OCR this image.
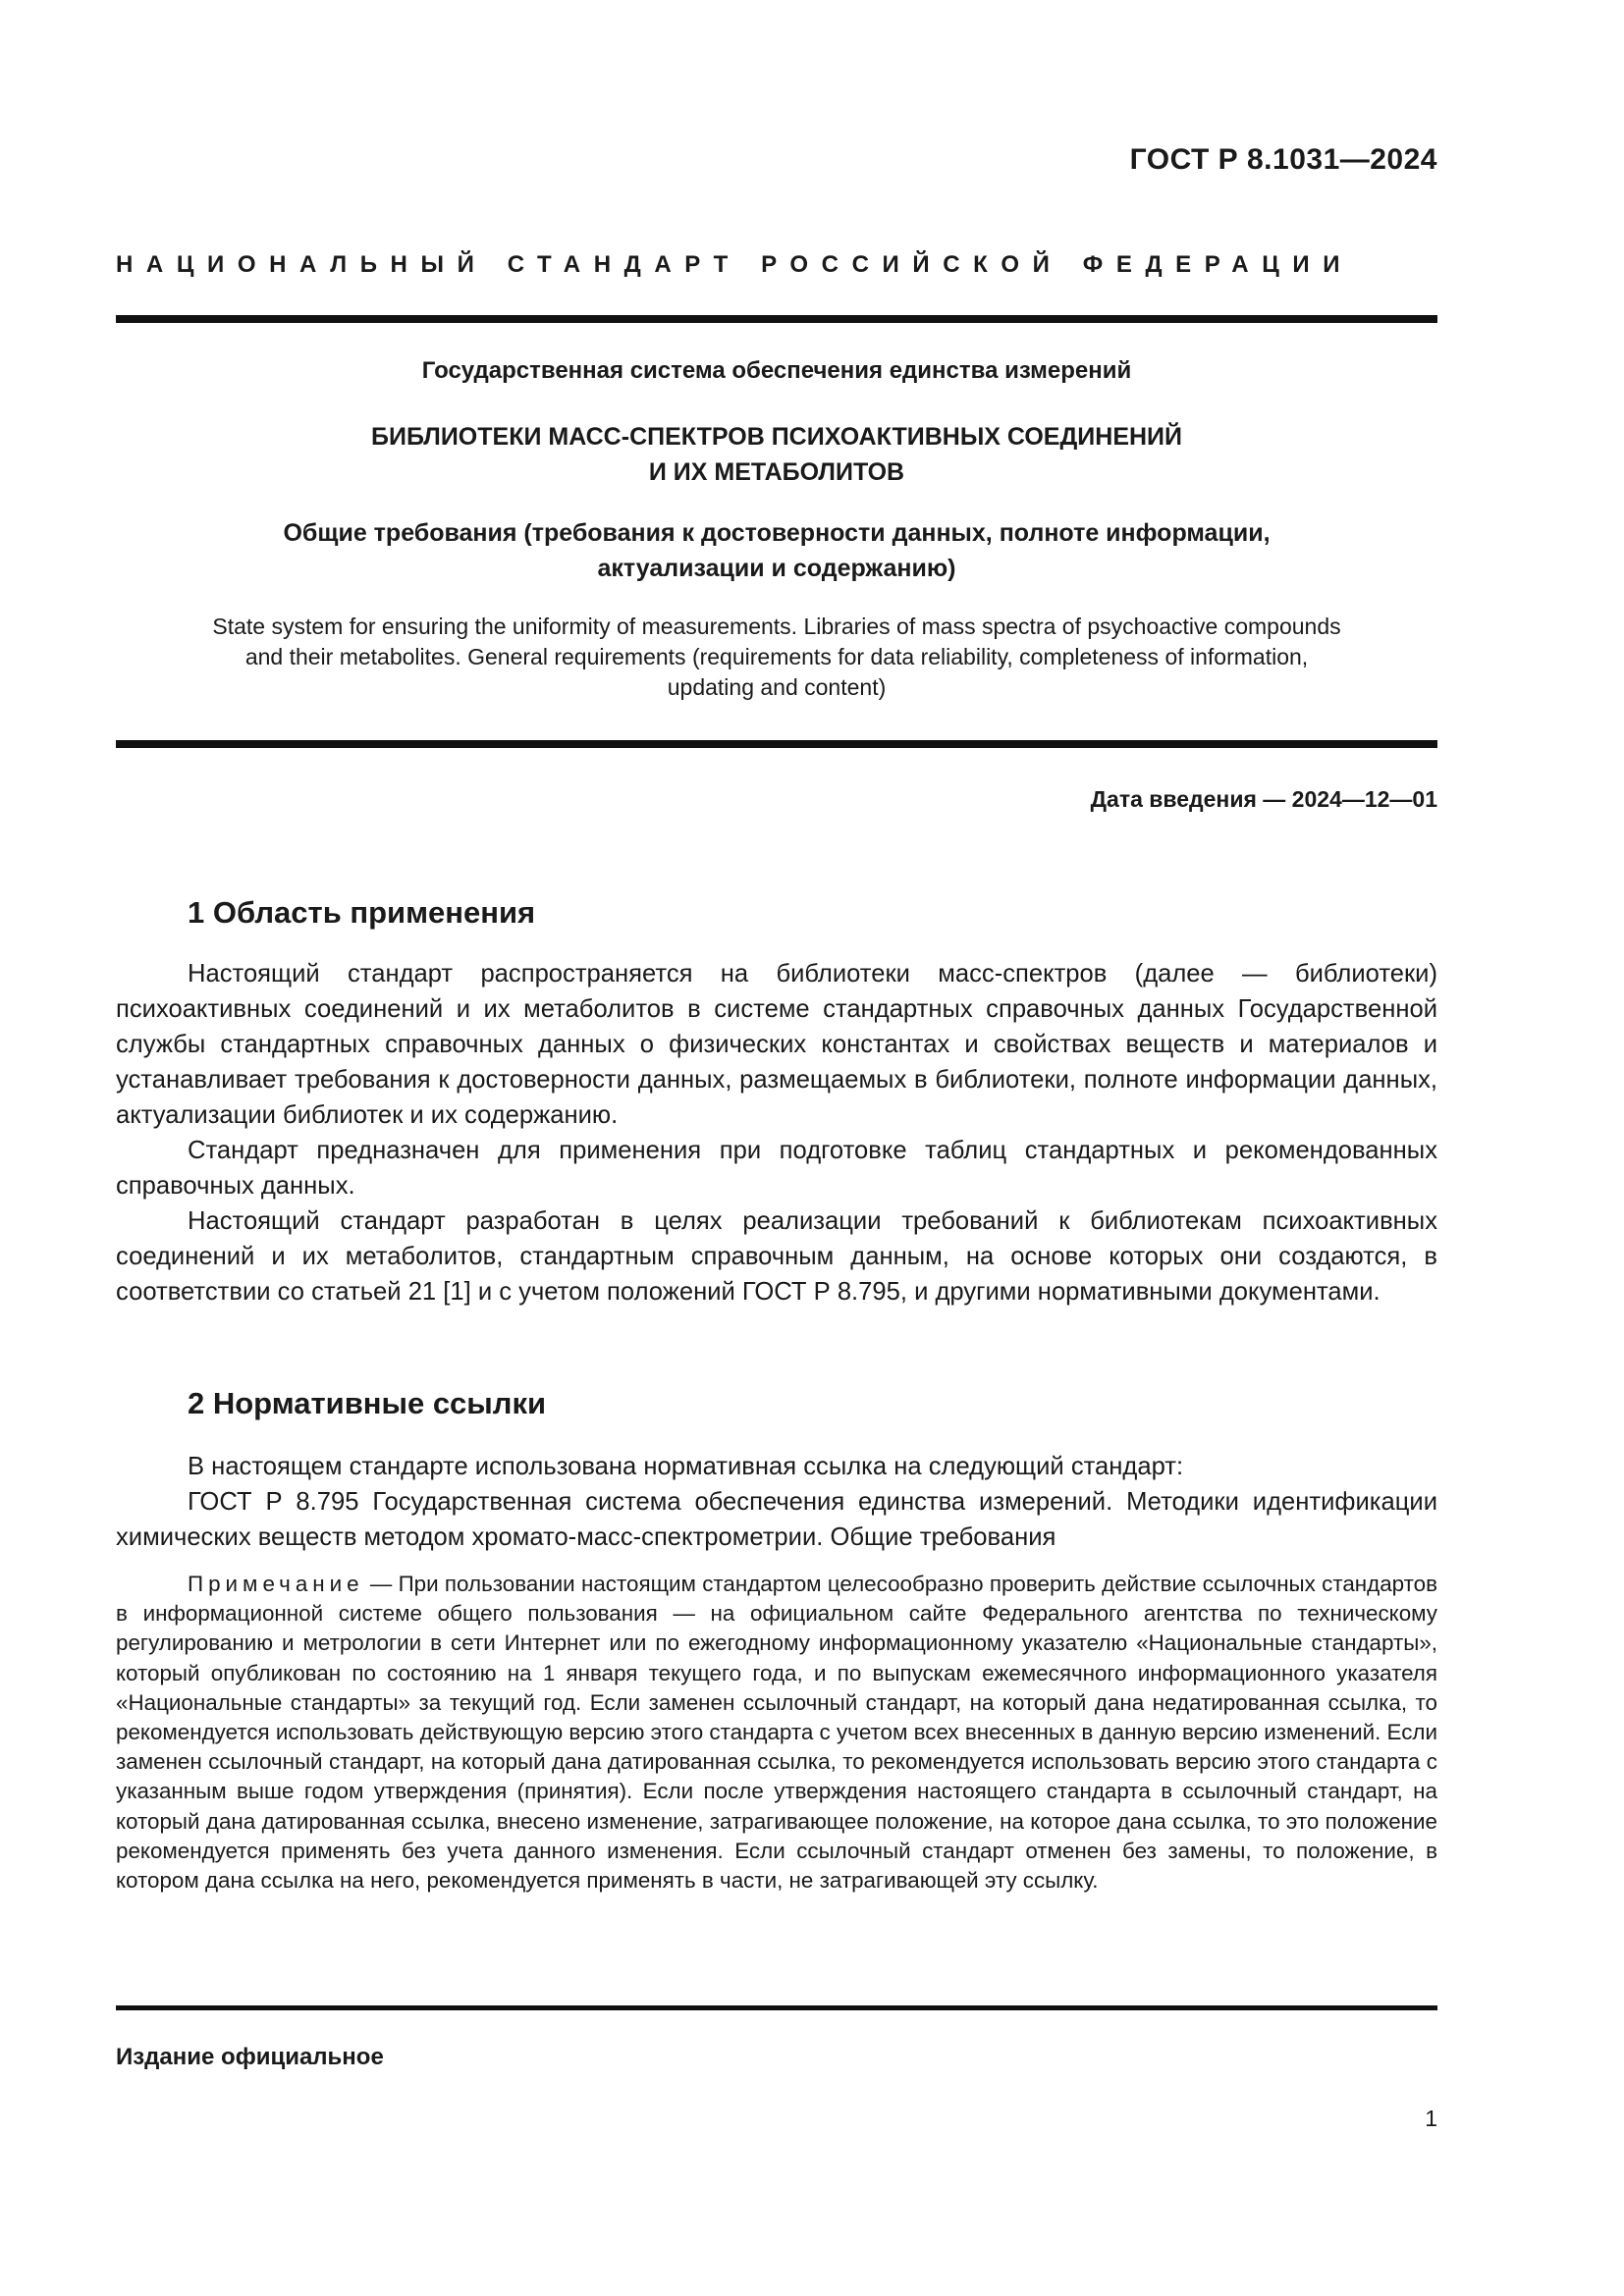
ГОСТ Р 8.1031—2024
НАЦИОНАЛЬНЫЙ СТАНДАРТ РОССИЙСКОЙ ФЕДЕРАЦИИ
Государственная система обеспечения единства измерений
БИБЛИОТЕКИ МАСС-СПЕКТРОВ ПСИХОАКТИВНЫХ СОЕДИНЕНИЙ
И ИХ МЕТАБОЛИТОВ
Общие требования (требования к достоверности данных, полноте информации,
актуализации и содержанию)
State system for ensuring the uniformity of measurements. Libraries of mass spectra of psychoactive compounds
and their metabolites. General requirements (requirements for data reliability, completeness of information,
updating and content)
Дата введения — 2024—12—01
1 Область применения

Настоящий стандарт распространяется на библиотеки масс-спектров (далее — библиотеки) психоактивных соединений и их метаболитов в системе стандартных справочных данных Государственной службы стандартных справочных данных о физических константах и свойствах веществ и материалов и устанавливает требования к достоверности данных, размещаемых в библиотеки, полноте информации данных, актуализации библиотек и их содержанию.

Стандарт предназначен для применения при подготовке таблиц стандартных и рекомендованных справочных данных.

Настоящий стандарт разработан в целях реализации требований к библиотекам психоактивных соединений и их метаболитов, стандартным справочным данным, на основе которых они создаются, в соответствии со статьей 21 [1] и с учетом положений ГОСТ Р 8.795, и другими нормативными документами.

2 Нормативные ссылки

В настоящем стандарте использована нормативная ссылка на следующий стандарт:

ГОСТ Р 8.795 Государственная система обеспечения единства измерений. Методики идентификации химических веществ методом хромато-масс-спектрометрии. Общие требования

Примечание — При пользовании настоящим стандартом целесообразно проверить действие ссылочных стандартов в информационной системе общего пользования — на официальном сайте Федерального агентства по техническому регулированию и метрологии в сети Интернет или по ежегодному информационному указателю «Национальные стандарты», который опубликован по состоянию на 1 января текущего года, и по выпускам ежемесячного информационного указателя «Национальные стандарты» за текущий год. Если заменен ссылочный стандарт, на который дана недатированная ссылка, то рекомендуется использовать действующую версию этого стандарта с учетом всех внесенных в данную версию изменений. Если заменен ссылочный стандарт, на который дана датированная ссылка, то рекомендуется использовать версию этого стандарта с указанным выше годом утверждения (принятия). Если после утверждения настоящего стандарта в ссылочный стандарт, на который дана датированная ссылка, внесено изменение, затрагивающее положение, на которое дана ссылка, то это положение рекомендуется применять без учета данного изменения. Если ссылочный стандарт отменен без замены, то положение, в котором дана ссылка на него, рекомендуется применять в части, не затрагивающей эту ссылку.

Издание официальное
1
